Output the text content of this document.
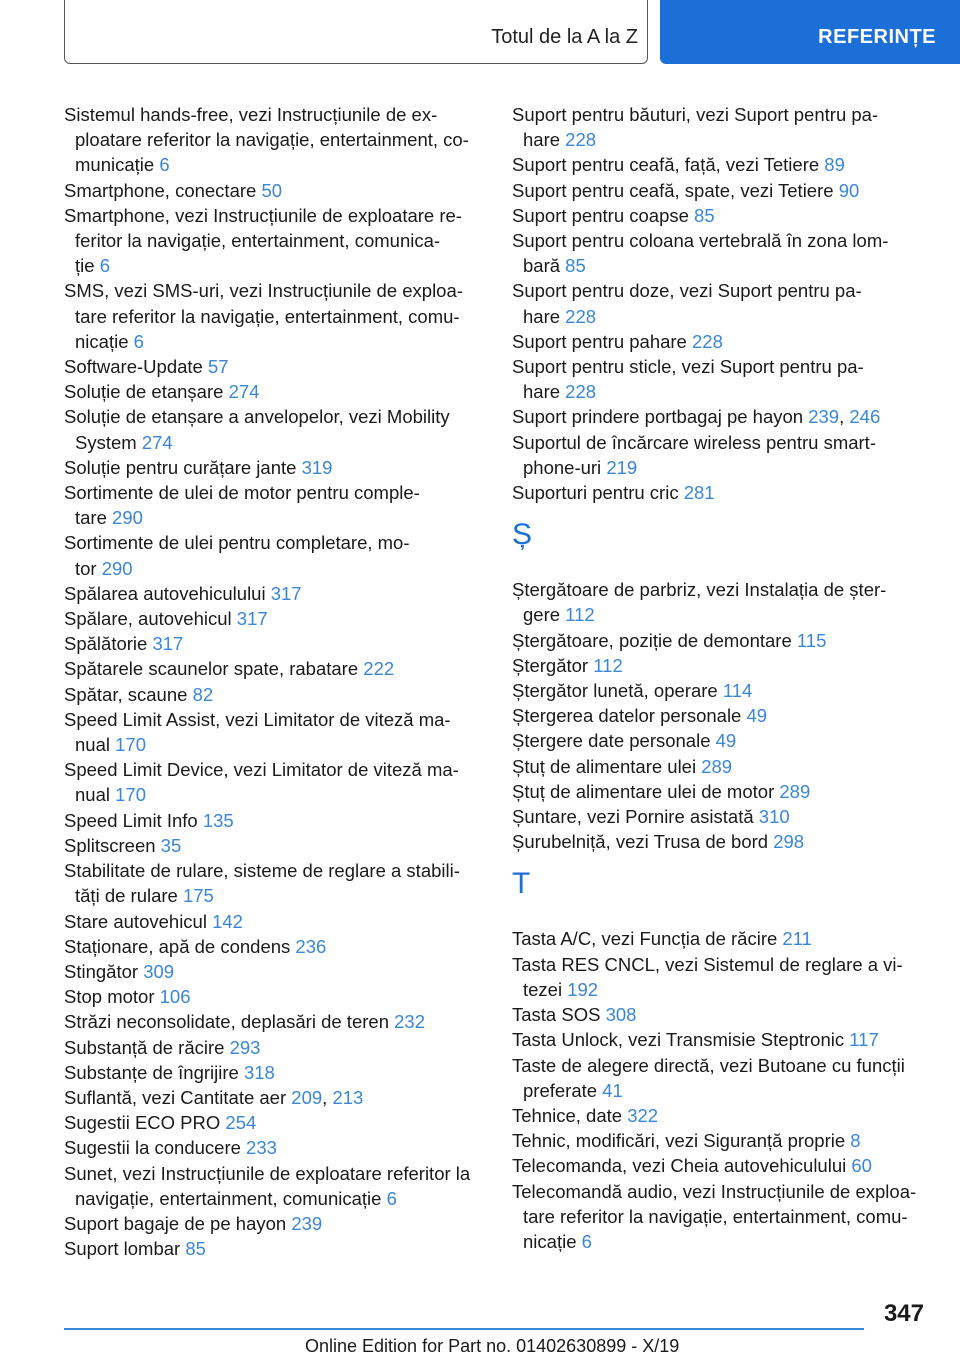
Totul de la A la Z	REFERINȚE
Sistemul hands-free, vezi Instrucțiunile de ex-
ploatare referitor la navigație, entertainment, co-
municație 6
Smartphone, conectare 50
Smartphone, vezi Instrucțiunile de exploatare re-
feritor la navigație, entertainment, comunica-
ție 6
SMS, vezi SMS-uri, vezi Instrucțiunile de exploa-
tare referitor la navigație, entertainment, comu-
nicație 6
Software-Update 57
Soluție de etanșare 274
Soluție de etanșare a anvelopelor, vezi Mobility
System 274
Soluție pentru curățare jante 319
Sortimente de ulei de motor pentru comple-
tare 290
Sortimente de ulei pentru completare, mo-
tor 290
Spălarea autovehiculului 317
Spălare, autovehicul 317
Spălătorie 317
Spătarele scaunelor spate, rabatare 222
Spătar, scaune 82
Speed Limit Assist, vezi Limitator de viteză ma-
nual 170
Speed Limit Device, vezi Limitator de viteză ma-
nual 170
Speed Limit Info 135
Splitscreen 35
Stabilitate de rulare, sisteme de reglare a stabili-
tăți de rulare 175
Stare autovehicul 142
Staționare, apă de condens 236
Stingător 309
Stop motor 106
Străzi neconsolidate, deplasări de teren 232
Substanță de răcire 293
Substanțe de îngrijire 318
Suflantă, vezi Cantitate aer 209, 213
Sugestii ECO PRO 254
Sugestii la conducere 233
Sunet, vezi Instrucțiunile de exploatare referitor la
navigație, entertainment, comunicație 6
Suport bagaje de pe hayon 239
Suport lombar 85
Suport pentru băuturi, vezi Suport pentru pa-
hare 228
Suport pentru ceafă, față, vezi Tetiere 89
Suport pentru ceafă, spate, vezi Tetiere 90
Suport pentru coapse 85
Suport pentru coloana vertebrală în zona lom-
bară 85
Suport pentru doze, vezi Suport pentru pa-
hare 228
Suport pentru pahare 228
Suport pentru sticle, vezi Suport pentru pa-
hare 228
Suport prindere portbagaj pe hayon 239, 246
Suportul de încărcare wireless pentru smart-
phone-uri 219
Suporturi pentru cric 281
Ș
Ștergătoare de parbriz, vezi Instalația de șter-
gere 112
Ștergătoare, poziție de demontare 115
Ștergător 112
Ștergător lunetă, operare 114
Ștergerea datelor personale 49
Ștergere date personale 49
Ștuț de alimentare ulei 289
Ștuț de alimentare ulei de motor 289
Șuntare, vezi Pornire asistată 310
Șurubelniță, vezi Trusa de bord 298
T
Tasta A/C, vezi Funcția de răcire 211
Tasta RES CNCL, vezi Sistemul de reglare a vi-
tezei 192
Tasta SOS 308
Tasta Unlock, vezi Transmisie Steptronic 117
Taste de alegere directă, vezi Butoane cu funcții
preferate 41
Tehnice, date 322
Tehnic, modificări, vezi Siguranță proprie 8
Telecomanda, vezi Cheia autovehiculului 60
Telecomandă audio, vezi Instrucțiunile de exploa-
tare referitor la navigație, entertainment, comu-
nicație 6
347
Online Edition for Part no. 01402630899 - X/19
